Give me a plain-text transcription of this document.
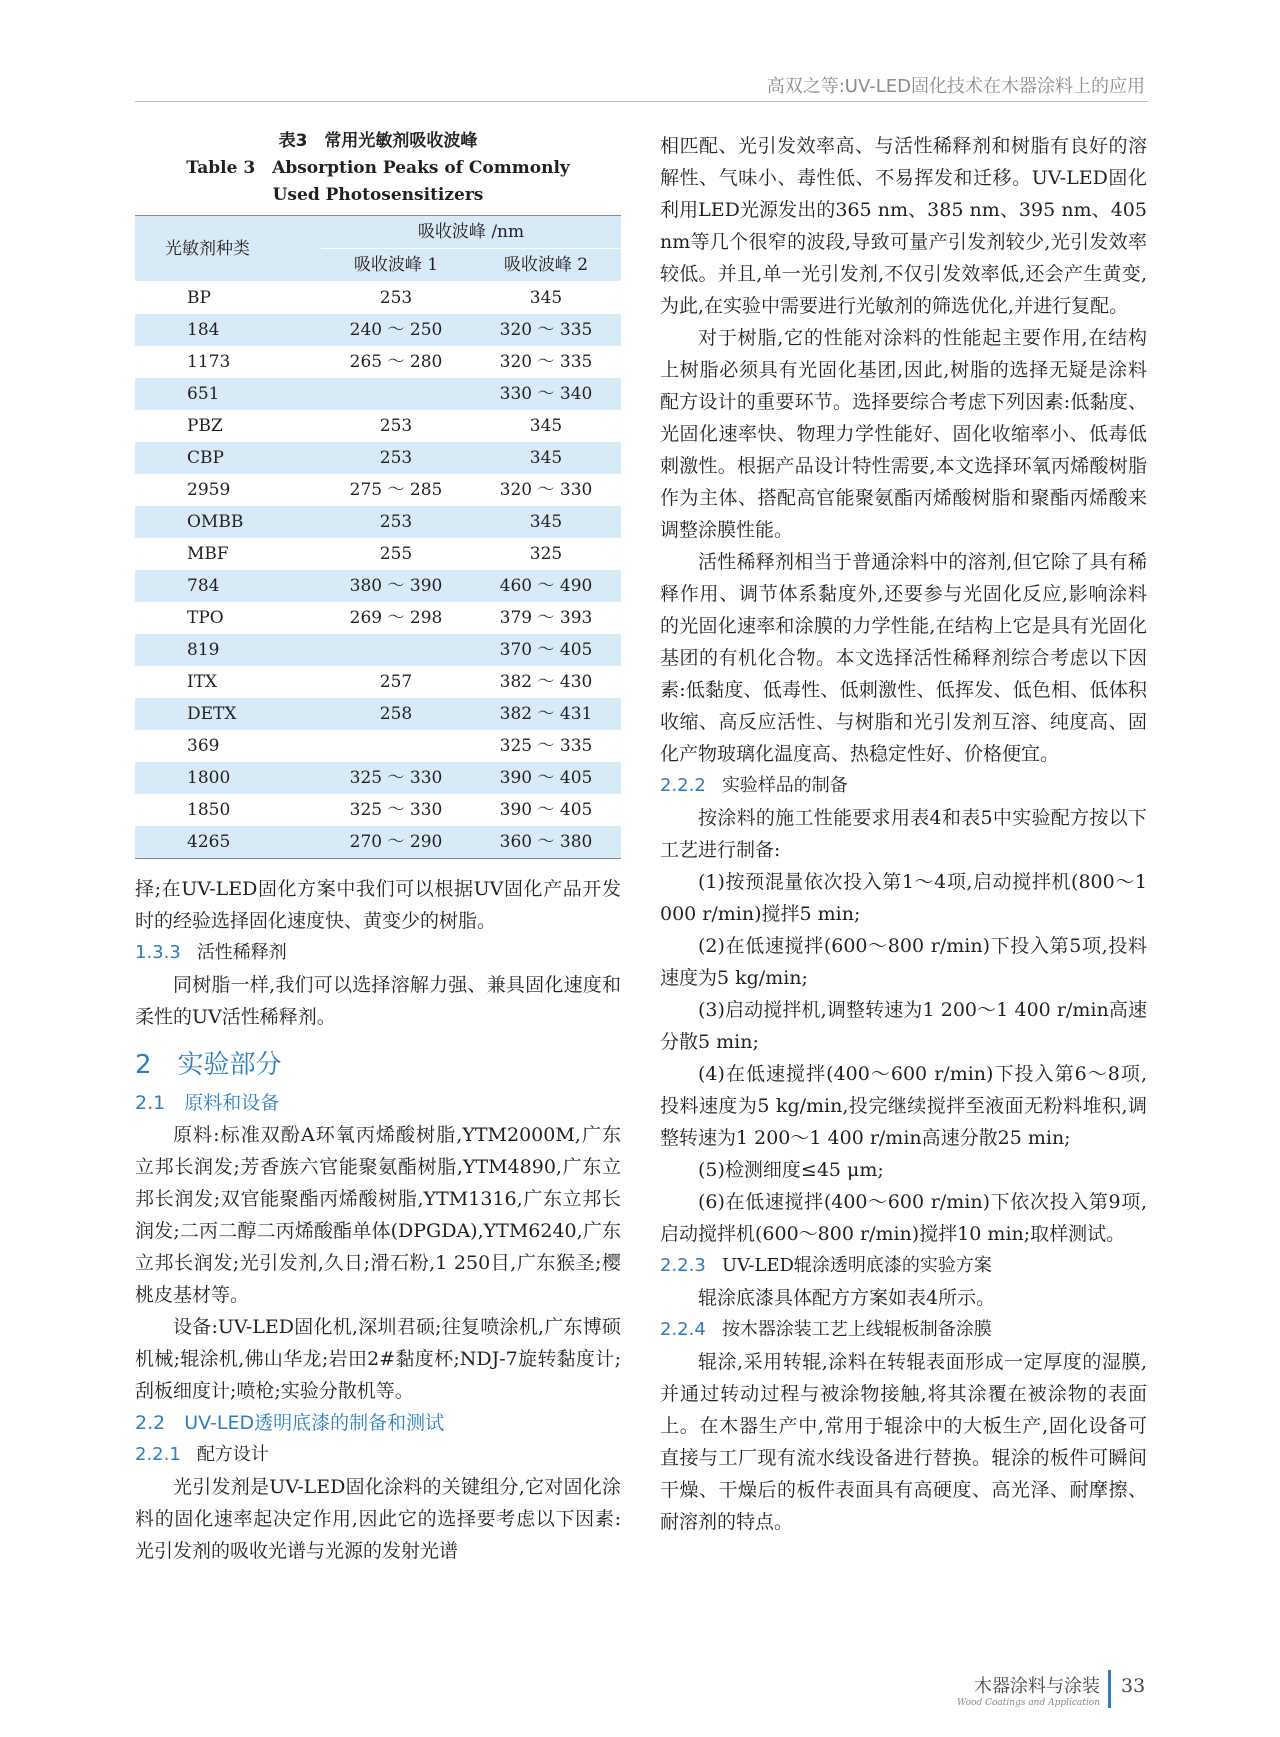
高双之等:UV-LED固化技术在木器涂料上的应用
表3　常用光敏剂吸收波峰
Table 3　Absorption Peaks of Commonly Used Photosensitizers
光敏剂种类	吸收波峰 /nm	
	吸收波峰 1	吸收波峰 2
BP	253	345
184	240 ～ 250	320 ～ 335
1173	265 ～ 280	320 ～ 335
651		330 ～ 340
PBZ	253	345
CBP	253	345
2959	275 ～ 285	320 ～ 330
OMBB	253	345
MBF	255	325
784	380 ～ 390	460 ～ 490
TPO	269 ～ 298	379 ～ 393
819		370 ～ 405
ITX	257	382 ～ 430
DETX	258	382 ～ 431
369		325 ～ 335
1800	325 ～ 330	390 ～ 405
1850	325 ～ 330	390 ～ 405
4265	270 ～ 290	360 ～ 380

择;在UV-LED固化方案中我们可以根据UV固化产品开发时的经验选择固化速度快、黄变少的树脂。

1.3.3 活性稀释剂

同树脂一样,我们可以选择溶解力强、兼具固化速度和柔性的UV活性稀释剂。

2　实验部分
2.1　原料和设备

原料:标准双酚A环氧丙烯酸树脂,YTM2000M,广东立邦长润发;芳香族六官能聚氨酯树脂,YTM4890,广东立邦长润发;双官能聚酯丙烯酸树脂,YTM1316,广东立邦长润发;二丙二醇二丙烯酸酯单体(DPGDA),YTM6240,广东立邦长润发;光引发剂,久日;滑石粉,1 250目,广东猴圣;樱桃皮基材等。

设备:UV-LED固化机,深圳君硕;往复喷涂机,广东博硕机械;辊涂机,佛山华龙;岩田2#黏度杯;NDJ-7旋转黏度计;刮板细度计;喷枪;实验分散机等。

2.2　UV-LED透明底漆的制备和测试
2.2.1 配方设计

光引发剂是UV-LED固化涂料的关键组分,它对固化涂料的固化速率起决定作用,因此它的选择要考虑以下因素:光引发剂的吸收光谱与光源的发射光谱

相匹配、光引发效率高、与活性稀释剂和树脂有良好的溶解性、气味小、毒性低、不易挥发和迁移。UV-LED固化利用LED光源发出的365 nm、385 nm、395 nm、405 nm等几个很窄的波段,导致可量产引发剂较少,光引发效率较低。并且,单一光引发剂,不仅引发效率低,还会产生黄变,为此,在实验中需要进行光敏剂的筛选优化,并进行复配。

对于树脂,它的性能对涂料的性能起主要作用,在结构上树脂必须具有光固化基团,因此,树脂的选择无疑是涂料配方设计的重要环节。选择要综合考虑下列因素:低黏度、光固化速率快、物理力学性能好、固化收缩率小、低毒低刺激性。根据产品设计特性需要,本文选择环氧丙烯酸树脂作为主体、搭配高官能聚氨酯丙烯酸树脂和聚酯丙烯酸来调整涂膜性能。

活性稀释剂相当于普通涂料中的溶剂,但它除了具有稀释作用、调节体系黏度外,还要参与光固化反应,影响涂料的光固化速率和涂膜的力学性能,在结构上它是具有光固化基团的有机化合物。本文选择活性稀释剂综合考虑以下因素:低黏度、低毒性、低刺激性、低挥发、低色相、低体积收缩、高反应活性、与树脂和光引发剂互溶、纯度高、固化产物玻璃化温度高、热稳定性好、价格便宜。

2.2.2 实验样品的制备

按涂料的施工性能要求用表4和表5中实验配方按以下工艺进行制备:

(1)按预混量依次投入第1～4项,启动搅拌机(800～1 000 r/min)搅拌5 min;

(2)在低速搅拌(600～800 r/min)下投入第5项,投料速度为5 kg/min;

(3)启动搅拌机,调整转速为1 200～1 400 r/min高速分散5 min;

(4)在低速搅拌(400～600 r/min)下投入第6～8项,投料速度为5 kg/min,投完继续搅拌至液面无粉料堆积,调整转速为1 200～1 400 r/min高速分散25 min;

(5)检测细度≤45 μm;

(6)在低速搅拌(400～600 r/min)下依次投入第9项,启动搅拌机(600～800 r/min)搅拌10 min;取样测试。

2.2.3 UV-LED辊涂透明底漆的实验方案

辊涂底漆具体配方方案如表4所示。

2.2.4 按木器涂装工艺上线辊板制备涂膜

辊涂,采用转辊,涂料在转辊表面形成一定厚度的湿膜,并通过转动过程与被涂物接触,将其涂覆在被涂物的表面上。在木器生产中,常用于辊涂中的大板生产,固化设备可直接与工厂现有流水线设备进行替换。辊涂的板件可瞬间干燥、干燥后的板件表面具有高硬度、高光泽、耐摩擦、耐溶剂的特点。

木器涂料与涂装
Wood Coatings and Application
33
